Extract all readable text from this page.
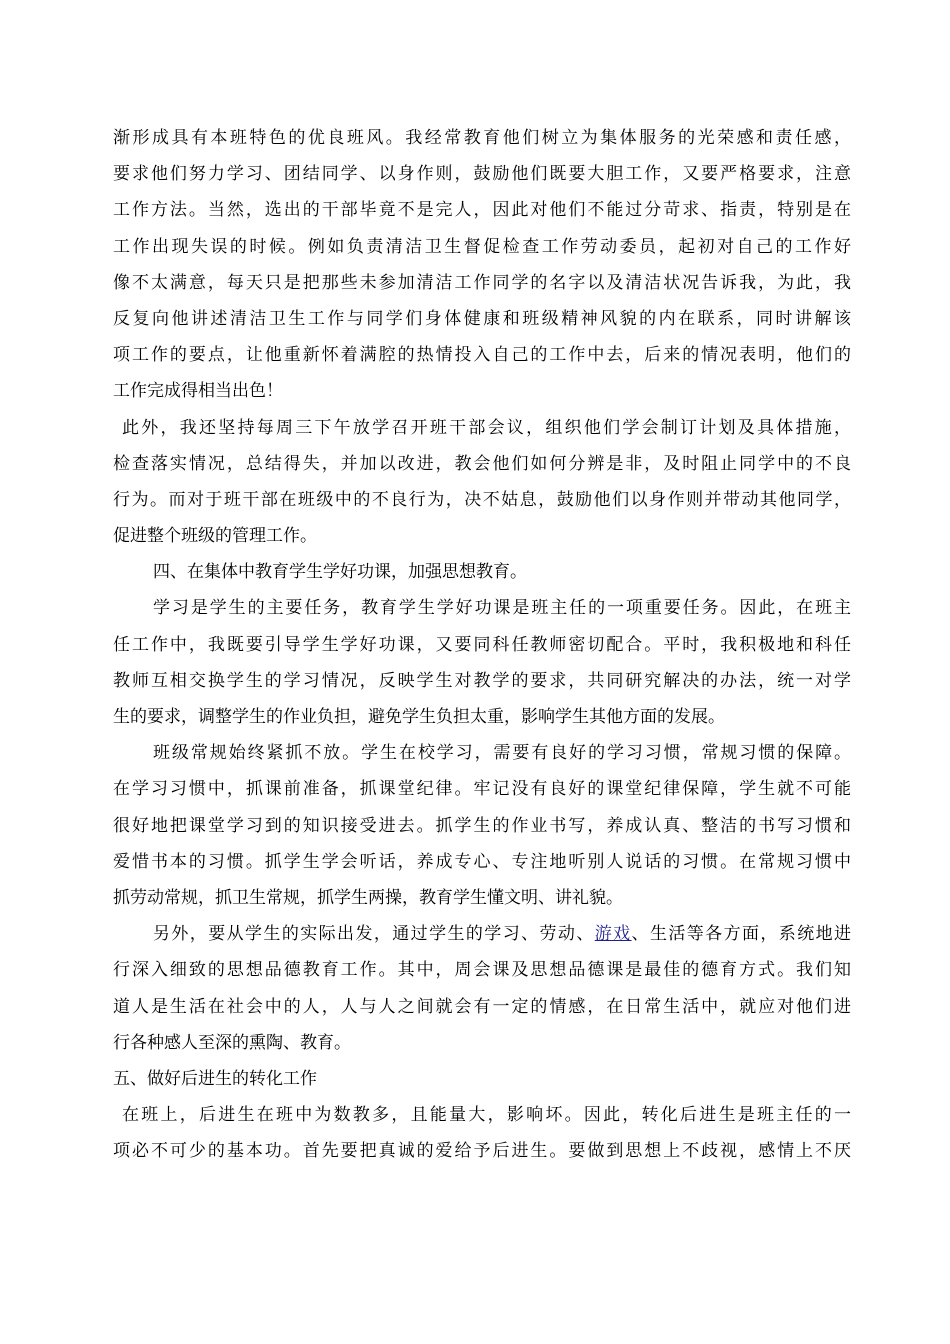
渐形成具有本班特色的优良班风。我经常教育他们树立为集体服务的光荣感和责任感，
要求他们努力学习、团结同学、以身作则，鼓励他们既要大胆工作，又要严格要求，注意
工作方法。当然，选出的干部毕竟不是完人，因此对他们不能过分苛求、指责，特别是在
工作出现失误的时候。例如负责清洁卫生督促检查工作劳动委员，起初对自己的工作好
像不太满意，每天只是把那些未参加清洁工作同学的名字以及清洁状况告诉我，为此，我
反复向他讲述清洁卫生工作与同学们身体健康和班级精神风貌的内在联系，同时讲解该
项工作的要点，让他重新怀着满腔的热情投入自己的工作中去，后来的情况表明，他们的
工作完成得相当出色！
此外，我还坚持每周三下午放学召开班干部会议，组织他们学会制订计划及具体措施，
检查落实情况，总结得失，并加以改进，教会他们如何分辨是非，及时阻止同学中的不良
行为。而对于班干部在班级中的不良行为，决不姑息，鼓励他们以身作则并带动其他同学，
促进整个班级的管理工作。
四、在集体中教育学生学好功课，加强思想教育。
学习是学生的主要任务，教育学生学好功课是班主任的一项重要任务。因此，在班主
任工作中，我既要引导学生学好功课，又要同科任教师密切配合。平时，我积极地和科任
教师互相交换学生的学习情况，反映学生对教学的要求，共同研究解决的办法，统一对学
生的要求，调整学生的作业负担，避免学生负担太重，影响学生其他方面的发展。
班级常规始终紧抓不放。学生在校学习，需要有良好的学习习惯，常规习惯的保障。
在学习习惯中，抓课前准备，抓课堂纪律。牢记没有良好的课堂纪律保障，学生就不可能
很好地把课堂学习到的知识接受进去。抓学生的作业书写，养成认真、整洁的书写习惯和
爱惜书本的习惯。抓学生学会听话，养成专心、专注地听别人说话的习惯。在常规习惯中
抓劳动常规，抓卫生常规，抓学生两操，教育学生懂文明、讲礼貌。
另外，要从学生的实际出发，通过学生的学习、劳动、游戏、生活等各方面，系统地进
行深入细致的思想品德教育工作。其中，周会课及思想品德课是最佳的德育方式。我们知
道人是生活在社会中的人，人与人之间就会有一定的情感，在日常生活中，就应对他们进
行各种感人至深的熏陶、教育。
五、做好后进生的转化工作
在班上，后进生在班中为数教多，且能量大，影响坏。因此，转化后进生是班主任的一
项必不可少的基本功。首先要把真诚的爱给予后进生。要做到思想上不歧视，感情上不厌
